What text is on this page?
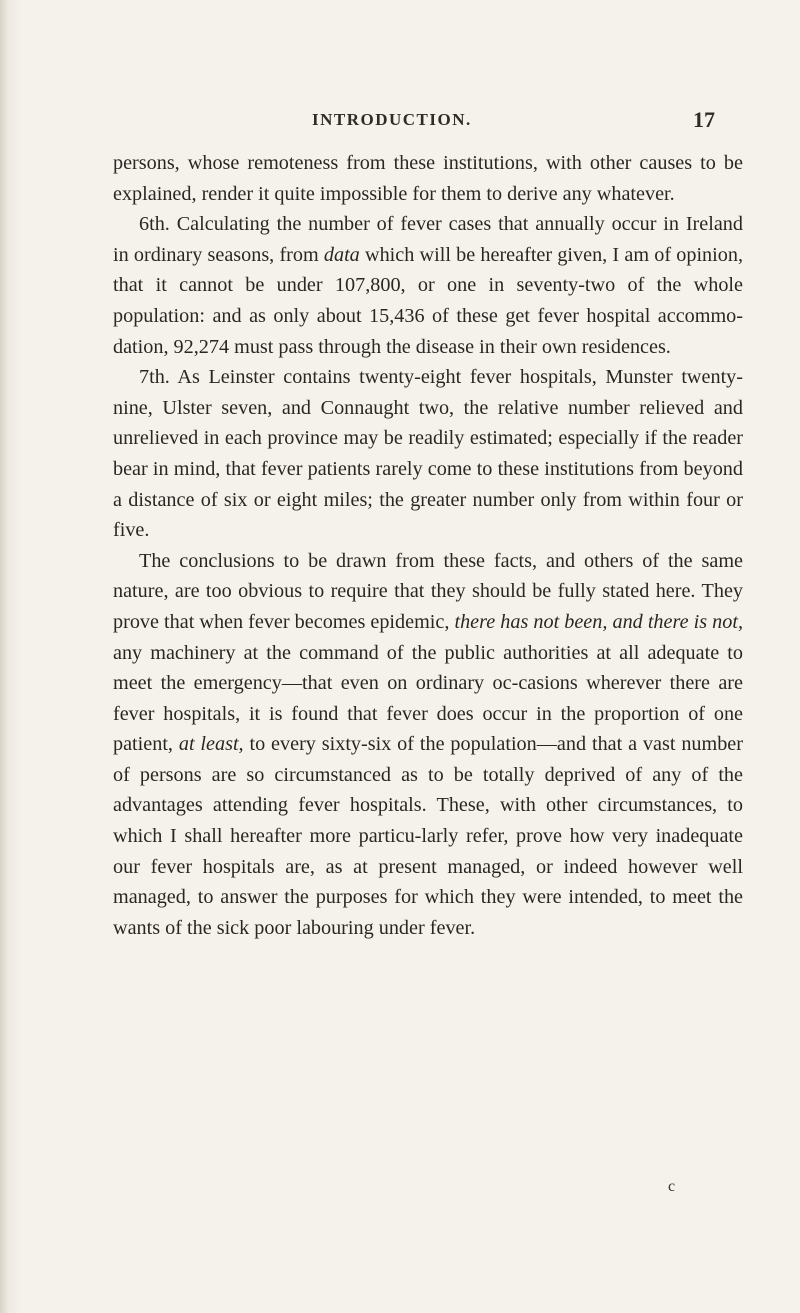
INTRODUCTION.	17

persons, whose remoteness from these institutions, with other causes to be explained, render it quite impossible for them to derive any whatever.

6th. Calculating the number of fever cases that annually occur in Ireland in ordinary seasons, from data which will be hereafter given, I am of opinion, that it cannot be under 107,800, or one in seventy-two of the whole population: and as only about 15,436 of these get fever hospital accommo-dation, 92,274 must pass through the disease in their own residences.

7th. As Leinster contains twenty-eight fever hospitals, Munster twenty-nine, Ulster seven, and Connaught two, the relative number relieved and unrelieved in each province may be readily estimated; especially if the reader bear in mind, that fever patients rarely come to these institutions from beyond a distance of six or eight miles; the greater number only from within four or five.

The conclusions to be drawn from these facts, and others of the same nature, are too obvious to require that they should be fully stated here. They prove that when fever becomes epidemic, there has not been, and there is not, any machinery at the command of the public authorities at all adequate to meet the emergency—that even on ordinary oc-casions wherever there are fever hospitals, it is found that fever does occur in the proportion of one patient, at least, to every sixty-six of the population—and that a vast number of persons are so circumstanced as to be totally deprived of any of the advantages attending fever hospitals. These, with other circumstances, to which I shall hereafter more particu-larly refer, prove how very inadequate our fever hospitals are, as at present managed, or indeed however well managed, to answer the purposes for which they were intended, to meet the wants of the sick poor labouring under fever.

c
